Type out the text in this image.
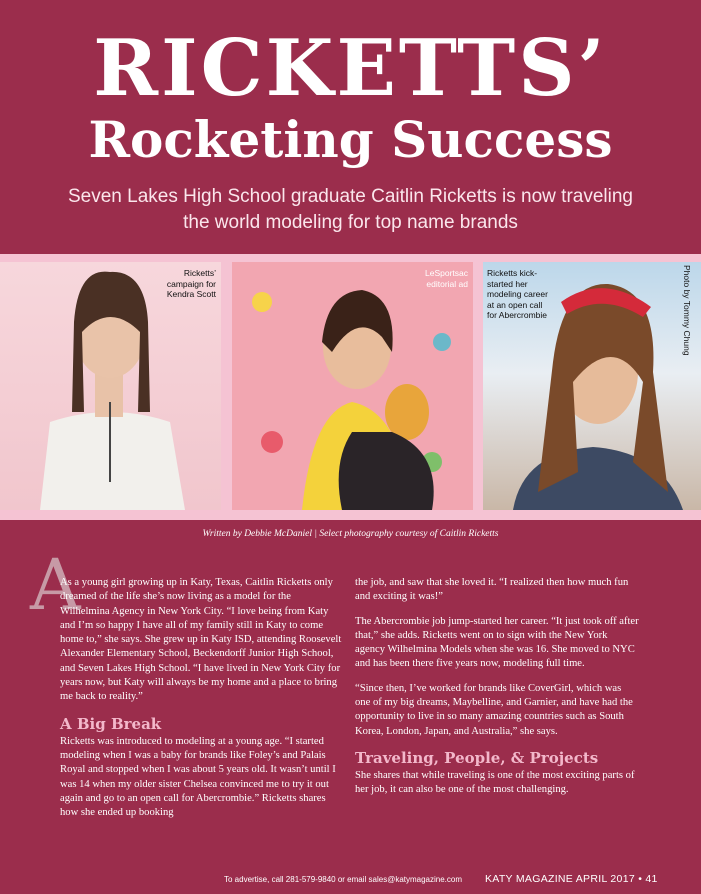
RICKETTS’
Rocketing Success
Seven Lakes High School graduate Caitlin Ricketts is now traveling the world modeling for top name brands
Ricketts’ campaign for Kendra Scott
LeSportsac editorial ad
Ricketts kick-started her modeling career at an open call for Abercrombie	Photo by Tommy Chung
Written by Debbie McDaniel | Select photography courtesy of Caitlin Ricketts
A

As a young girl growing up in Katy, Texas, Caitlin Ricketts only dreamed of the life she’s now living as a model for the Wilhelmina Agency in New York City. “I love being from Katy and I’m so happy I have all of my family still in Katy to come home to,” she says. She grew up in Katy ISD, attending Roosevelt Alexander Elementary School, Beckendorff Junior High School, and Seven Lakes High School. “I have lived in New York City for years now, but Katy will always be my home and a place to bring me back to reality.”

A Big Break

Ricketts was introduced to modeling at a young age. “I started modeling when I was a baby for brands like Foley’s and Palais Royal and stopped when I was about 5 years old. It wasn’t until I was 14 when my older sister Chelsea convinced me to try it out again and go to an open call for Abercrombie.” Ricketts shares how she ended up booking

the job, and saw that she loved it. “I realized then how much fun and exciting it was!”

The Abercrombie job jump-started her career. “It just took off after that,” she adds. Ricketts went on to sign with the New York agency Wilhelmina Models when she was 16. She moved to NYC and has been there five years now, modeling full time.

“Since then, I’ve worked for brands like CoverGirl, which was one of my big dreams, Maybelline, and Garnier, and have had the opportunity to live in so many amazing countries such as South Korea, London, Japan, and Australia,” she says.

Traveling, People, & Projects

She shares that while traveling is one of the most exciting parts of her job, it can also be one of the most challenging.

To advertise, call 281-579-9840 or email sales@katymagazine.com KATY MAGAZINE APRIL 2017 • 41
